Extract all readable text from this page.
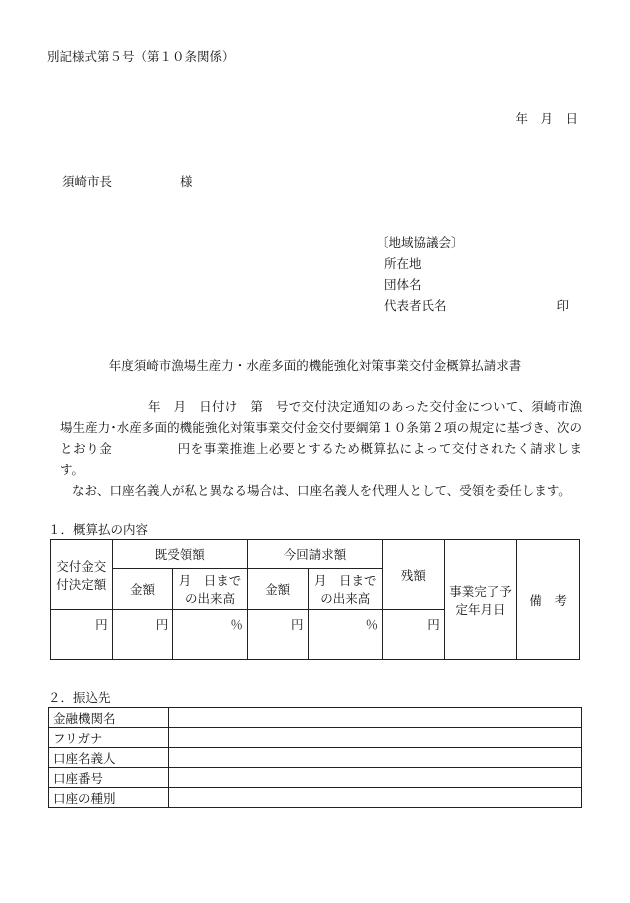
別記様式第５号（第１０条関係）
年　月　日
須崎市長	様
〔地域協議会〕
所在地
団体名
代表者氏名	印
年度須崎市漁場生産力・水産多面的機能強化対策事業交付金概算払請求書

年　月　日付け　第　号で交付決定通知のあった交付金について、須崎市漁場生産力･水産多面的機能強化対策事業交付金交付要綱第１０条第２項の規定に基づき、次のとおり金　　　　　円を事業推進上必要とするため概算払によって交付されたく請求します。

なお、口座名義人が私と異なる場合は、口座名義人を代理人として、受領を委任します。

１．概算払の内容
交付金交付決定額	既受領額		今回請求額		残額	事業完了予定年月日	備　考
	金額	月　日までの出来高	金額	月　日までの出来高			
円	円	％	円	％	円		
２．振込先
金融機関名	
フリガナ	
口座名義人	
口座番号	
口座の種別	
